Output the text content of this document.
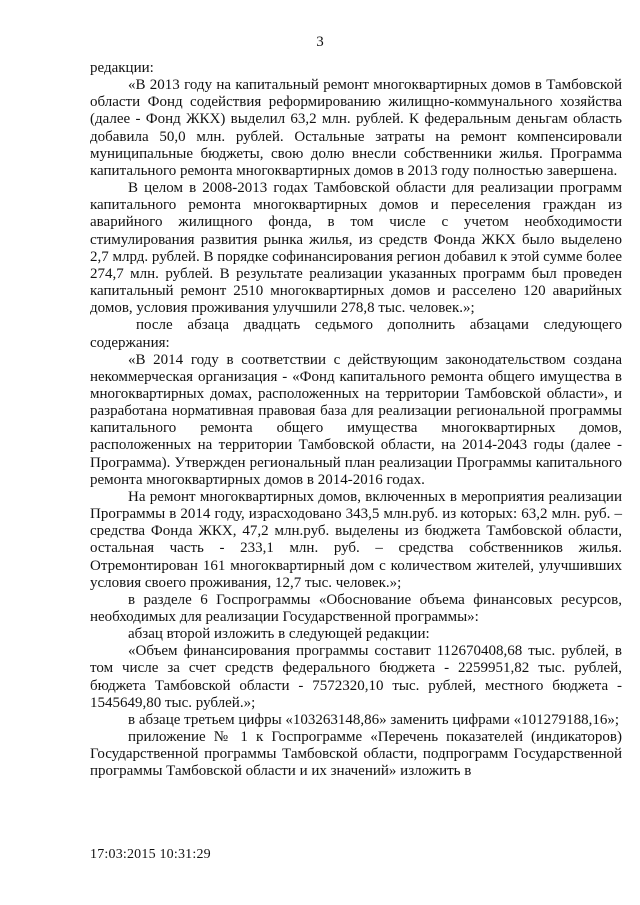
3

редакции:

«В 2013 году на капитальный ремонт многоквартирных домов в Тамбовской области Фонд содействия реформированию жилищно-коммунального хозяйства (далее - Фонд ЖКХ) выделил 63,2 млн. рублей. К федеральным деньгам область добавила 50,0 млн. рублей. Остальные затраты на ремонт компенсировали муниципальные бюджеты, свою долю внесли собственники жилья. Программа капитального ремонта многоквартирных домов в 2013 году полностью завершена.

В целом в 2008-2013 годах Тамбовской области для реализации программ капитального ремонта многоквартирных домов и переселения граждан из аварийного жилищного фонда, в том числе с учетом необходимости стимулирования развития рынка жилья, из средств Фонда ЖКХ было выделено 2,7 млрд. рублей. В порядке софинансирования регион добавил к этой сумме более 274,7 млн. рублей. В результате реализации указанных программ был проведен капитальный ремонт 2510 многоквартирных домов и расселено 120 аварийных домов, условия проживания улучшили 278,8 тыс. человек.»;

после абзаца двадцать седьмого дополнить абзацами следующего содержания:

«В 2014 году в соответствии с действующим законодательством создана некоммерческая организация - «Фонд капитального ремонта общего имущества в многоквартирных домах, расположенных на территории Тамбовской области», и разработана нормативная правовая база для реализации региональной программы капитального ремонта общего имущества многоквартирных домов, расположенных на территории Тамбовской области, на 2014-2043 годы (далее - Программа). Утвержден региональный план реализации Программы капитального ремонта многоквартирных домов в 2014-2016 годах.

На ремонт многоквартирных домов, включенных в мероприятия реализации Программы в 2014 году, израсходовано 343,5 млн.руб. из которых: 63,2 млн. руб. – средства Фонда ЖКХ, 47,2 млн.руб. выделены из бюджета Тамбовской области, остальная часть - 233,1 млн. руб. – средства собственников жилья. Отремонтирован 161 многоквартирный дом с количеством жителей, улучшивших условия своего проживания, 12,7 тыс. человек.»;

в разделе 6 Госпрограммы «Обоснование объема финансовых ресурсов, необходимых для реализации Государственной программы»:

абзац второй изложить в следующей редакции:

«Объем финансирования программы составит 112670408,68 тыс. рублей, в том числе за счет средств федерального бюджета - 2259951,82 тыс. рублей, бюджета Тамбовской области - 7572320,10 тыс. рублей, местного бюджета - 1545649,80 тыс. рублей.»;

в абзаце третьем цифры «103263148,86» заменить цифрами «101279188,16»;

приложение № 1 к Госпрограмме «Перечень показателей (индикаторов) Государственной программы Тамбовской области, подпрограмм Государственной программы Тамбовской области и их значений» изложить в

17:03:2015 10:31:29
